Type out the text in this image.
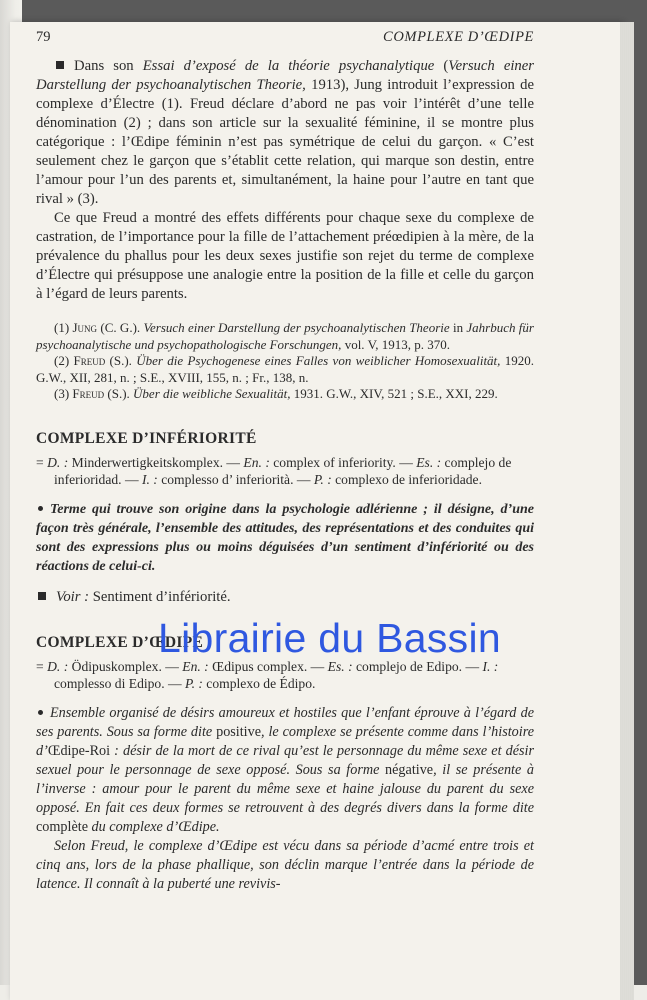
79	COMPLEXE D’ŒDIPE

Dans son Essai d’exposé de la théorie psychanalytique (Versuch einer Darstellung der psychoanalytischen Theorie, 1913), Jung introduit l’expression de complexe d’Électre (1). Freud déclare d’abord ne pas voir l’intérêt d’une telle dénomination (2) ; dans son article sur la sexualité féminine, il se montre plus catégorique : l’Œdipe féminin n’est pas symétrique de celui du garçon. « C’est seulement chez le garçon que s’établit cette relation, qui marque son destin, entre l’amour pour l’un des parents et, simultanément, la haine pour l’autre en tant que rival » (3).

Ce que Freud a montré des effets différents pour chaque sexe du complexe de castration, de l’importance pour la fille de l’attachement préœdipien à la mère, de la prévalence du phallus pour les deux sexes justifie son rejet du terme de complexe d’Électre qui présuppose une analogie entre la position de la fille et celle du garçon à l’égard de leurs parents.

(1) Jung (C. G.). Versuch einer Darstellung der psychoanalytischen Theorie in Jahrbuch für psychoanalytische und psychopathologische Forschungen, vol. V, 1913, p. 370.

(2) Freud (S.). Über die Psychogenese eines Falles von weiblicher Homosexualität, 1920. G.W., XII, 281, n. ; S.E., XVIII, 155, n. ; Fr., 138, n.

(3) Freud (S.). Über die weibliche Sexualität, 1931. G.W., XIV, 521 ; S.E., XXI, 229.

COMPLEXE D’INFÉRIORITÉ

= D. : Minderwertigkeitskomplex. — En. : complex of inferiority. — Es. : complejo de inferioridad. — I. : complesso d’ inferiorità. — P. : complexo de inferioridade.

Terme qui trouve son origine dans la psychologie adlérienne ; il désigne, d’une façon très générale, l’ensemble des attitudes, des représentations et des conduites qui sont des expressions plus ou moins déguisées d’un sentiment d’infériorité ou des réactions de celui-ci.

Voir : Sentiment d’infériorité.

COMPLEXE D’ŒDIPE

= D. : Ödipuskomplex. — En. : Œdipus complex. — Es. : complejo de Edipo. — I. : complesso di Edipo. — P. : complexo de Édipo.

Ensemble organisé de désirs amoureux et hostiles que l’enfant éprouve à l’égard de ses parents. Sous sa forme dite positive, le complexe se présente comme dans l’histoire d’Œdipe-Roi : désir de la mort de ce rival qu’est le personnage du même sexe et désir sexuel pour le personnage de sexe opposé. Sous sa forme négative, il se présente à l’inverse : amour pour le parent du même sexe et haine jalouse du parent du sexe opposé. En fait ces deux formes se retrouvent à des degrés divers dans la forme dite complète du complexe d’Œdipe.

Selon Freud, le complexe d’Œdipe est vécu dans sa période d’acmé entre trois et cinq ans, lors de la phase phallique, son déclin marque l’entrée dans la période de latence. Il connaît à la puberté une revivis-

Librairie du Bassin
